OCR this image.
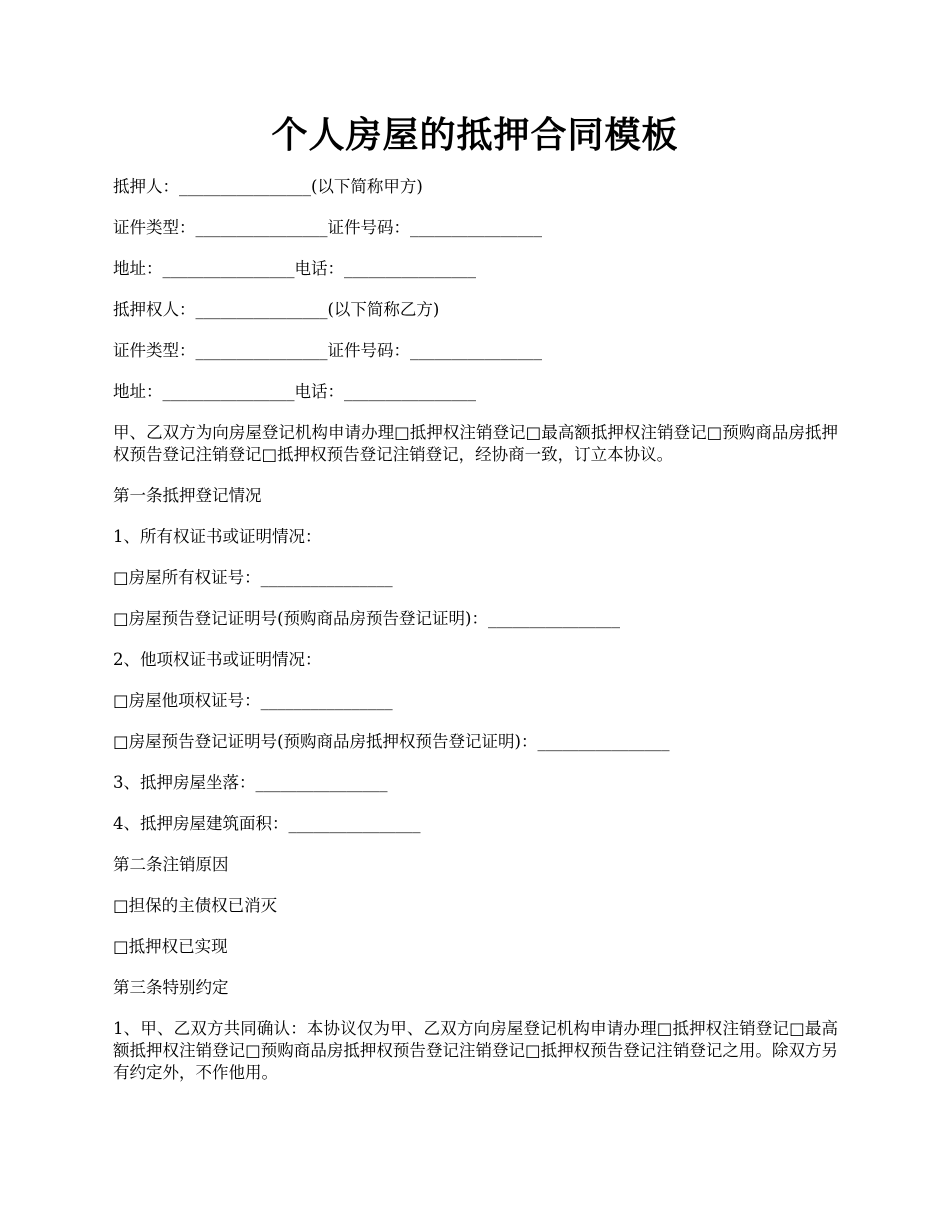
个人房屋的抵押合同模板

抵押人：________________(以下简称甲方)

证件类型：________________证件号码：________________

地址：________________电话：________________

抵押权人：________________(以下简称乙方)

证件类型：________________证件号码：________________

地址：________________电话：________________

甲、乙双方为向房屋登记机构申请办理□抵押权注销登记□最高额抵押权注销登记□预购商品房抵押权预告登记注销登记□抵押权预告登记注销登记，经协商一致，订立本协议。

第一条抵押登记情况

1、所有权证书或证明情况：

□房屋所有权证号：________________

□房屋预告登记证明号(预购商品房预告登记证明)：________________

2、他项权证书或证明情况：

□房屋他项权证号：________________

□房屋预告登记证明号(预购商品房抵押权预告登记证明)：________________

3、抵押房屋坐落：________________

4、抵押房屋建筑面积：________________

第二条注销原因

□担保的主债权已消灭

□抵押权已实现

第三条特别约定

1、甲、乙双方共同确认：本协议仅为甲、乙双方向房屋登记机构申请办理□抵押权注销登记□最高额抵押权注销登记□预购商品房抵押权预告登记注销登记□抵押权预告登记注销登记之用。除双方另有约定外，不作他用。
